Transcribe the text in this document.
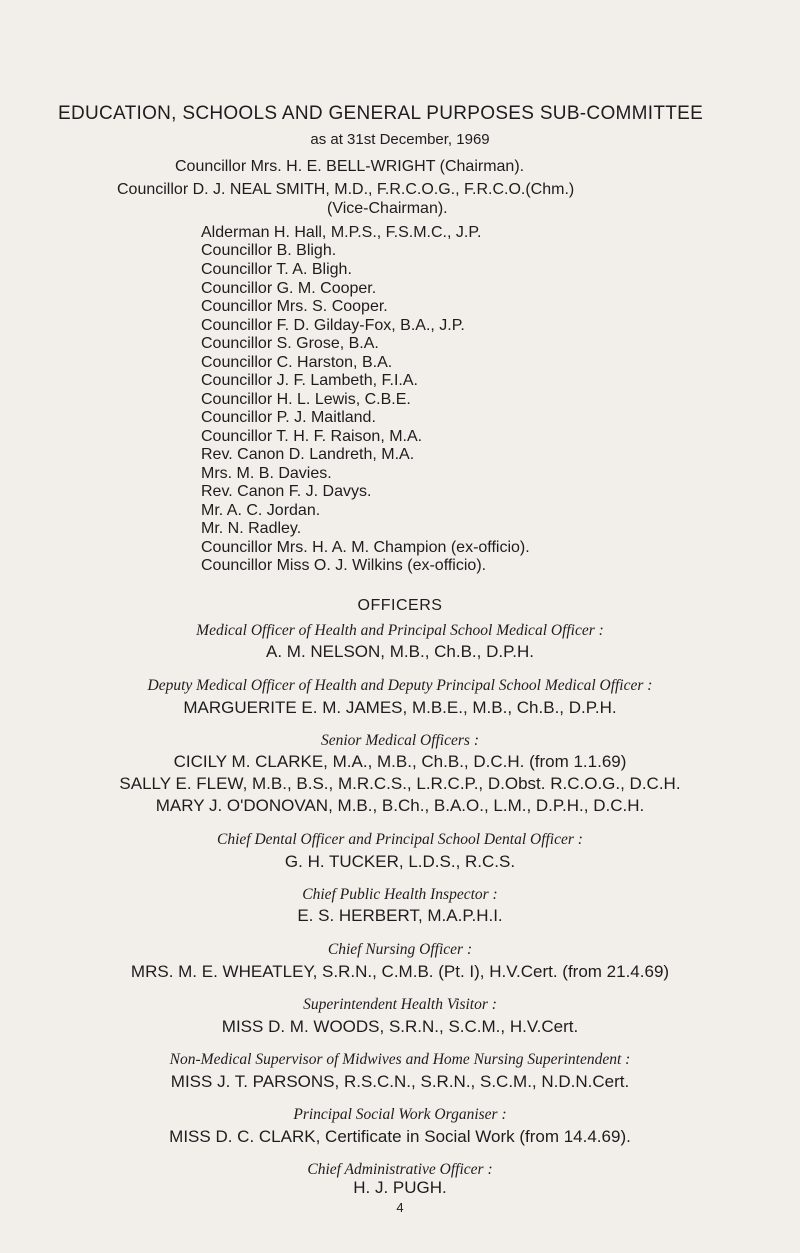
EDUCATION, SCHOOLS AND GENERAL PURPOSES SUB-COMMITTEE
as at 31st December, 1969
Councillor Mrs. H. E. BELL-WRIGHT (Chairman).
Councillor D. J. NEAL SMITH, M.D., F.R.C.O.G., F.R.C.O.(Chm.)
(Vice-Chairman).
Alderman H. Hall, M.P.S., F.S.M.C., J.P.
Councillor B. Bligh.
Councillor T. A. Bligh.
Councillor G. M. Cooper.
Councillor Mrs. S. Cooper.
Councillor F. D. Gilday-Fox, B.A., J.P.
Councillor S. Grose, B.A.
Councillor C. Harston, B.A.
Councillor J. F. Lambeth, F.I.A.
Councillor H. L. Lewis, C.B.E.
Councillor P. J. Maitland.
Councillor T. H. F. Raison, M.A.
Rev. Canon D. Landreth, M.A.
Mrs. M. B. Davies.
Rev. Canon F. J. Davys.
Mr. A. C. Jordan.
Mr. N. Radley.
Councillor Mrs. H. A. M. Champion (ex-officio).
Councillor Miss O. J. Wilkins (ex-officio).
OFFICERS
Medical Officer of Health and Principal School Medical Officer :
A. M. NELSON, M.B., Ch.B., D.P.H.
Deputy Medical Officer of Health and Deputy Principal School Medical Officer :
MARGUERITE E. M. JAMES, M.B.E., M.B., Ch.B., D.P.H.
Senior Medical Officers :
CICILY M. CLARKE, M.A., M.B., Ch.B., D.C.H. (from 1.1.69)
SALLY E. FLEW, M.B., B.S., M.R.C.S., L.R.C.P., D.Obst. R.C.O.G., D.C.H.
MARY J. O'DONOVAN, M.B., B.Ch., B.A.O., L.M., D.P.H., D.C.H.
Chief Dental Officer and Principal School Dental Officer :
G. H. TUCKER, L.D.S., R.C.S.
Chief Public Health Inspector :
E. S. HERBERT, M.A.P.H.I.
Chief Nursing Officer :
MRS. M. E. WHEATLEY, S.R.N., C.M.B. (Pt. I), H.V.Cert. (from 21.4.69)
Superintendent Health Visitor :
MISS D. M. WOODS, S.R.N., S.C.M., H.V.Cert.
Non-Medical Supervisor of Midwives and Home Nursing Superintendent :
MISS J. T. PARSONS, R.S.C.N., S.R.N., S.C.M., N.D.N.Cert.
Principal Social Work Organiser :
MISS D. C. CLARK, Certificate in Social Work (from 14.4.69).
Chief Administrative Officer :
H. J. PUGH.
4
